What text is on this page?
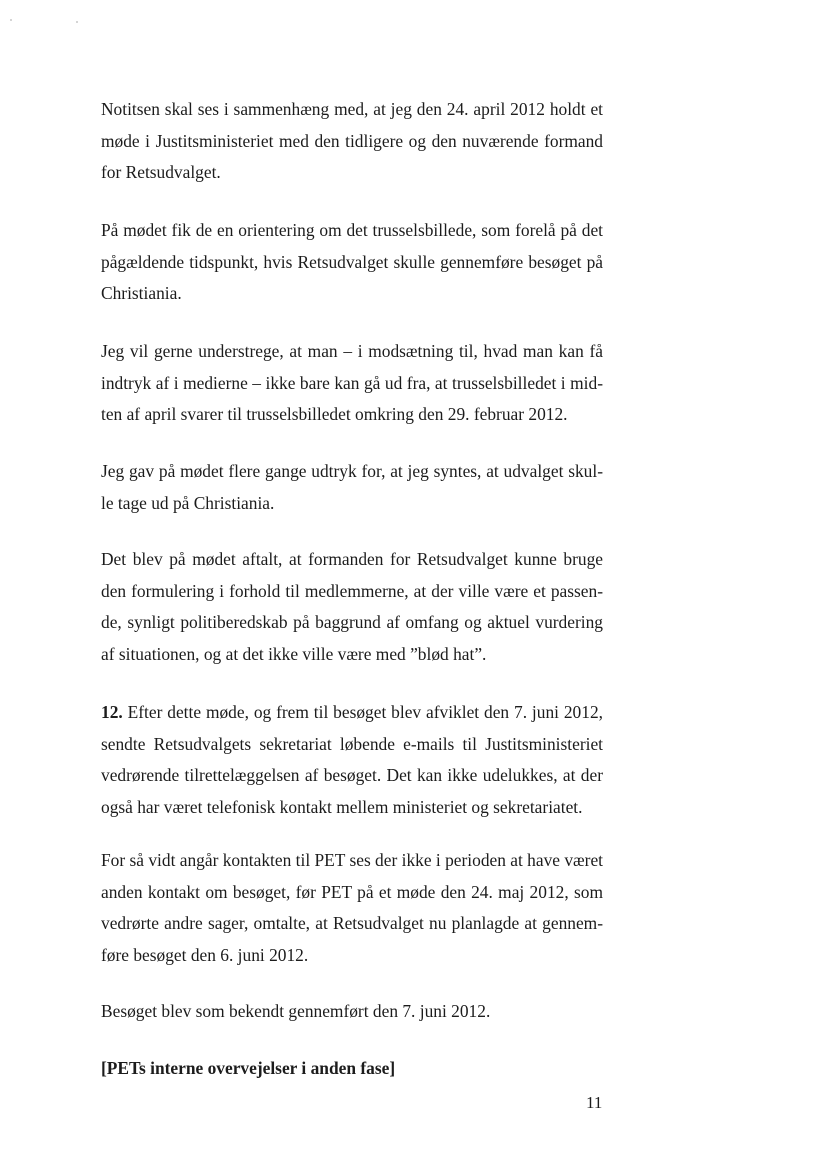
Notitsen skal ses i sammenhæng med, at jeg den 24. april 2012 holdt et
møde i Justitsministeriet med den tidligere og den nuværende formand
for Retsudvalget.

På mødet fik de en orientering om det trusselsbillede, som forelå på det
pågældende tidspunkt, hvis Retsudvalget skulle gennemføre besøget på
Christiania.

Jeg vil gerne understrege, at man – i modsætning til, hvad man kan få
indtryk af i medierne – ikke bare kan gå ud fra, at trusselsbilledet i mid-
ten af april svarer til trusselsbilledet omkring den 29. februar 2012.

Jeg gav på mødet flere gange udtryk for, at jeg syntes, at udvalget skul-
le tage ud på Christiania.

Det blev på mødet aftalt, at formanden for Retsudvalget kunne bruge
den formulering i forhold til medlemmerne, at der ville være et passen-
de, synligt politiberedskab på baggrund af omfang og aktuel vurdering
af situationen, og at det ikke ville være med ”blød hat”.

12. Efter dette møde, og frem til besøget blev afviklet den 7. juni 2012,
sendte Retsudvalgets sekretariat løbende e-mails til Justitsministeriet
vedrørende tilrettelæggelsen af besøget. Det kan ikke udelukkes, at der
også har været telefonisk kontakt mellem ministeriet og sekretariatet.

For så vidt angår kontakten til PET ses der ikke i perioden at have været
anden kontakt om besøget, før PET på et møde den 24. maj 2012, som
vedrørte andre sager, omtalte, at Retsudvalget nu planlagde at gennem-
føre besøget den 6. juni 2012.

Besøget blev som bekendt gennemført den 7. juni 2012.

[PETs interne overvejelser i anden fase]

11
